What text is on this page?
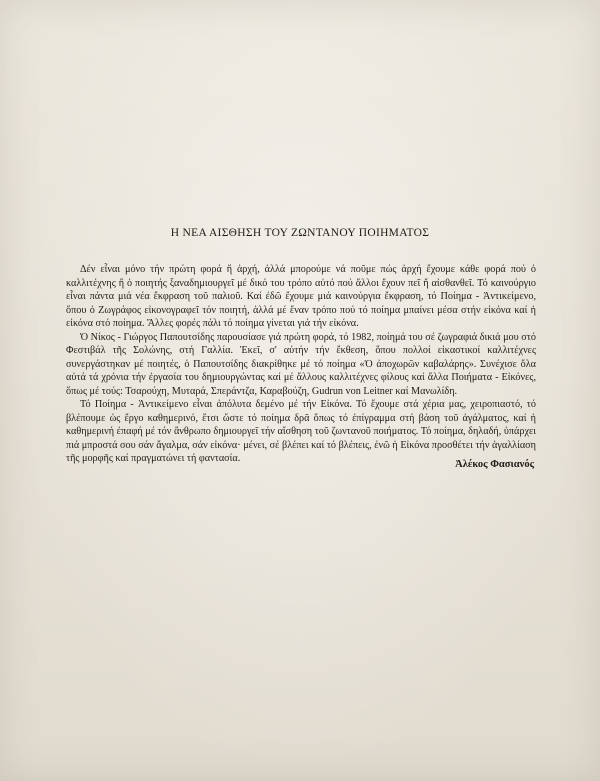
Η ΝΕΑ ΑΙΣΘΗΣΗ ΤΟΥ ΖΩΝΤΑΝΟΥ ΠΟΙΗΜΑΤΟΣ

Δέν εἶναι μόνο τήν πρώτη φορά ἤ ἀρχή, ἀλλά μπορούμε νά ποῦμε πώς ἀρχή ἔχουμε κάθε φορά πού ὁ καλλιτέχνης ἤ ὁ ποιητής ξαναδημιουργεῖ μέ δικό του τρόπο αὐτό πού ἄλλοι ἔχουν πεῖ ἤ αἰσθανθεῖ. Τό καινούργιο εἶναι πάντα μιά νέα ἔκφραση τοῦ παλιοῦ. Καί ἐδῶ ἔχουμε μιά καινούργια ἔκφραση, τό Ποίημα - Ἀντικείμενο, ὅπου ὁ Ζωγράφος εἰκονογραφεῖ τόν ποιητή, ἀλλά μέ ἕναν τρόπο πού τό ποίημα μπαίνει μέσα στήν εἰκόνα καί ἡ εἰκόνα στό ποίημα. Ἄλλες φορές πάλι τό ποίημα γίνεται γιά τήν εἰκόνα.

Ὁ Νίκος - Γιώργος Παπουτσίδης παρουσίασε γιά πρώτη φορά, τό 1982, ποίημά του σέ ζωγραφιά δικιά μου στό Φεστιβάλ τῆς Σολώνης, στή Γαλλία. Ἐκεῖ, σ' αὐτήν τήν ἔκθεση, ὅπου πολλοί εἰκαστικοί καλλιτέχνες συνεργάστηκαν μέ ποιητές, ὁ Παπουτσίδης διακρίθηκε μέ τό ποίημα «Ὁ ἀποχωρῶν καβαλάρης». Συνέχισε ὅλα αὐτά τά χρόνια τήν ἐργασία του δημιουργώντας καί μέ ἄλλους καλλιτέχνες φίλους καί ἄλλα Ποιήματα - Εἰκόνες, ὅπως μέ τούς: Τσαρούχη, Μυταρά, Σπεράντζα, Καραβούζη, Gudrun von Leitner καί Μανωλίδη.

Τό Ποίημα - Ἀντικείμενο εἶναι ἀπόλυτα δεμένο μέ τήν Εἰκόνα. Τό ἔχουμε στά χέρια μας, χειροπιαστό, τό βλέπουμε ὡς ἔργο καθημερινό, ἔτσι ὥστε τό ποίημα δρᾶ ὅπως τό ἐπίγραμμα στή βάση τοῦ ἀγάλματος, καί ἡ καθημερινή ἐπαφή μέ τόν ἄνθρωπο δημιουργεῖ τήν αἴσθηση τοῦ ζωντανοῦ ποιήματος. Τό ποίημα, δηλαδή, ὑπάρχει πιά μπροστά σου σάν ἄγαλμα, σάν εἰκόνα· μένει, σέ βλέπει καί τό βλέπεις, ἐνῶ ἡ Εἰκόνα προσθέτει τήν ἀγαλλίαση τῆς μορφῆς καί πραγματώνει τή φαντασία.

Ἀλέκος Φασιανός
